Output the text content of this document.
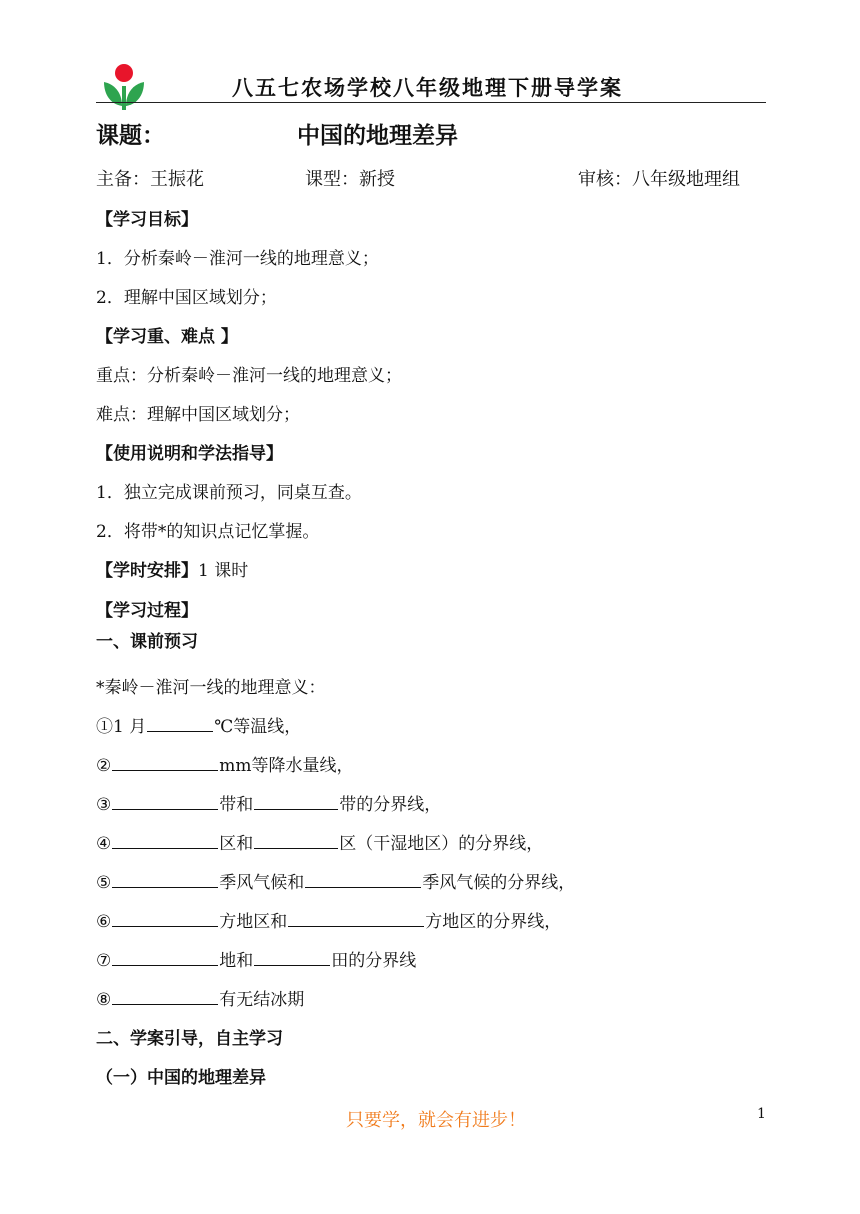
八五七农场学校八年级地理下册导学案
课题：	中国的地理差异
主备：王振花	课型：新授	审核：八年级地理组
【学习目标】
1．分析秦岭－淮河一线的地理意义；
2．理解中国区域划分；
【学习重、难点 】
重点：分析秦岭－淮河一线的地理意义；
难点：理解中国区域划分；
【使用说明和学法指导】
1．独立完成课前预习，同桌互查。
2．将带*的知识点记忆掌握。
【学时安排】1 课时
【学习过程】
一、课前预习
*秦岭－淮河一线的地理意义：
①1 月	℃等温线，
②	mm等降水量线，
③	带和	带的分界线，
④	区和	区（干湿地区）的分界线，
⑤	季风气候和	季风气候的分界线，
⑥	方地区和	方地区的分界线，
⑦	地和	田的分界线
⑧	有无结冰期
二、学案引导，自主学习
（一）中国的地理差异
只要学，就会有进步！	1
